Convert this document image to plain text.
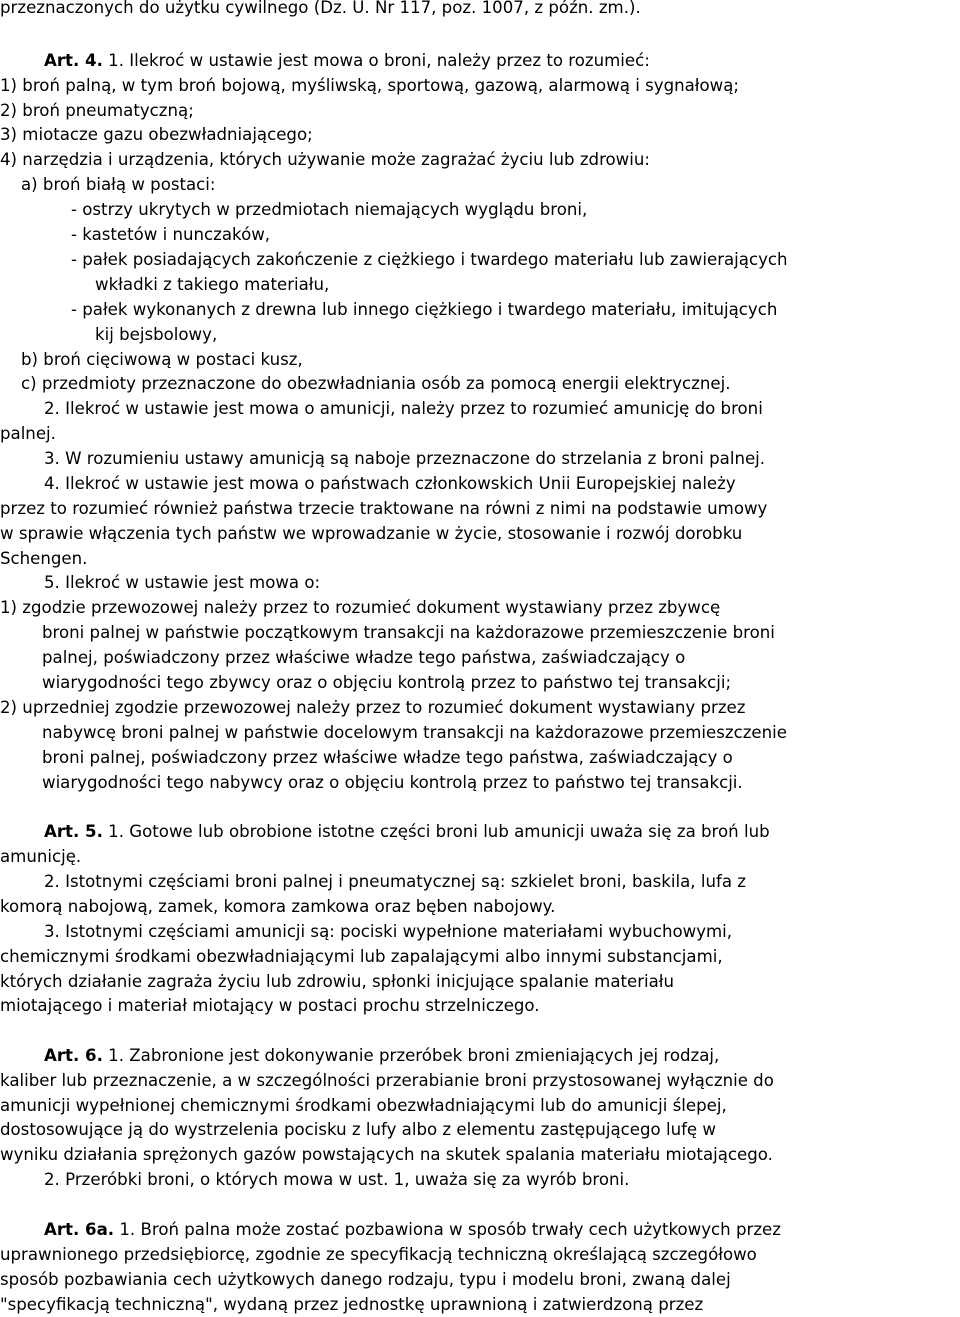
przeznaczonych do użytku cywilnego (Dz. U. Nr 117, poz. 1007, z późn. zm.).
Art. 4. 1. Ilekroć w ustawie jest mowa o broni, należy przez to rozumieć:
1) broń palną, w tym broń bojową, myśliwską, sportową, gazową, alarmową i sygnałową;
2) broń pneumatyczną;
3) miotacze gazu obezwładniającego;
4) narzędzia i urządzenia, których używanie może zagrażać życiu lub zdrowiu:
a) broń białą w postaci:
- ostrzy ukrytych w przedmiotach niemających wyglądu broni,
- kastetów i nunczaków,
- pałek posiadających zakończenie z ciężkiego i twardego materiału lub zawierających
wkładki z takiego materiału,
- pałek wykonanych z drewna lub innego ciężkiego i twardego materiału, imitujących
kij bejsbolowy,
b) broń cięciwową w postaci kusz,
c) przedmioty przeznaczone do obezwładniania osób za pomocą energii elektrycznej.
2. Ilekroć w ustawie jest mowa o amunicji, należy przez to rozumieć amunicję do broni
palnej.
3. W rozumieniu ustawy amunicją są naboje przeznaczone do strzelania z broni palnej.
4. Ilekroć w ustawie jest mowa o państwach członkowskich Unii Europejskiej należy
przez to rozumieć również państwa trzecie traktowane na równi z nimi na podstawie umowy
w sprawie włączenia tych państw we wprowadzanie w życie, stosowanie i rozwój dorobku
Schengen.
5. Ilekroć w ustawie jest mowa o:
1) zgodzie przewozowej należy przez to rozumieć dokument wystawiany przez zbywcę
broni palnej w państwie początkowym transakcji na każdorazowe przemieszczenie broni
palnej, poświadczony przez właściwe władze tego państwa, zaświadczający o
wiarygodności tego zbywcy oraz o objęciu kontrolą przez to państwo tej transakcji;
2) uprzedniej zgodzie przewozowej należy przez to rozumieć dokument wystawiany przez
nabywcę broni palnej w państwie docelowym transakcji na każdorazowe przemieszczenie
broni palnej, poświadczony przez właściwe władze tego państwa, zaświadczający o
wiarygodności tego nabywcy oraz o objęciu kontrolą przez to państwo tej transakcji.
Art. 5. 1. Gotowe lub obrobione istotne części broni lub amunicji uważa się za broń lub
amunicję.
2. Istotnymi częściami broni palnej i pneumatycznej są: szkielet broni, baskila, lufa z
komorą nabojową, zamek, komora zamkowa oraz bęben nabojowy.
3. Istotnymi częściami amunicji są: pociski wypełnione materiałami wybuchowymi,
chemicznymi środkami obezwładniającymi lub zapalającymi albo innymi substancjami,
których działanie zagraża życiu lub zdrowiu, spłonki inicjujące spalanie materiału
miotającego i materiał miotający w postaci prochu strzelniczego.
Art. 6. 1. Zabronione jest dokonywanie przeróbek broni zmieniających jej rodzaj,
kaliber lub przeznaczenie, a w szczególności przerabianie broni przystosowanej wyłącznie do
amunicji wypełnionej chemicznymi środkami obezwładniającymi lub do amunicji ślepej,
dostosowujące ją do wystrzelenia pocisku z lufy albo z elementu zastępującego lufę w
wyniku działania sprężonych gazów powstających na skutek spalania materiału miotającego.
2. Przeróbki broni, o których mowa w ust. 1, uważa się za wyrób broni.
Art. 6a. 1. Broń palna może zostać pozbawiona w sposób trwały cech użytkowych przez
uprawnionego przedsiębiorcę, zgodnie ze specyfikacją techniczną określającą szczegółowo
sposób pozbawiania cech użytkowych danego rodzaju, typu i modelu broni, zwaną dalej
"specyfikacją techniczną", wydaną przez jednostkę uprawnioną i zatwierdzoną przez
